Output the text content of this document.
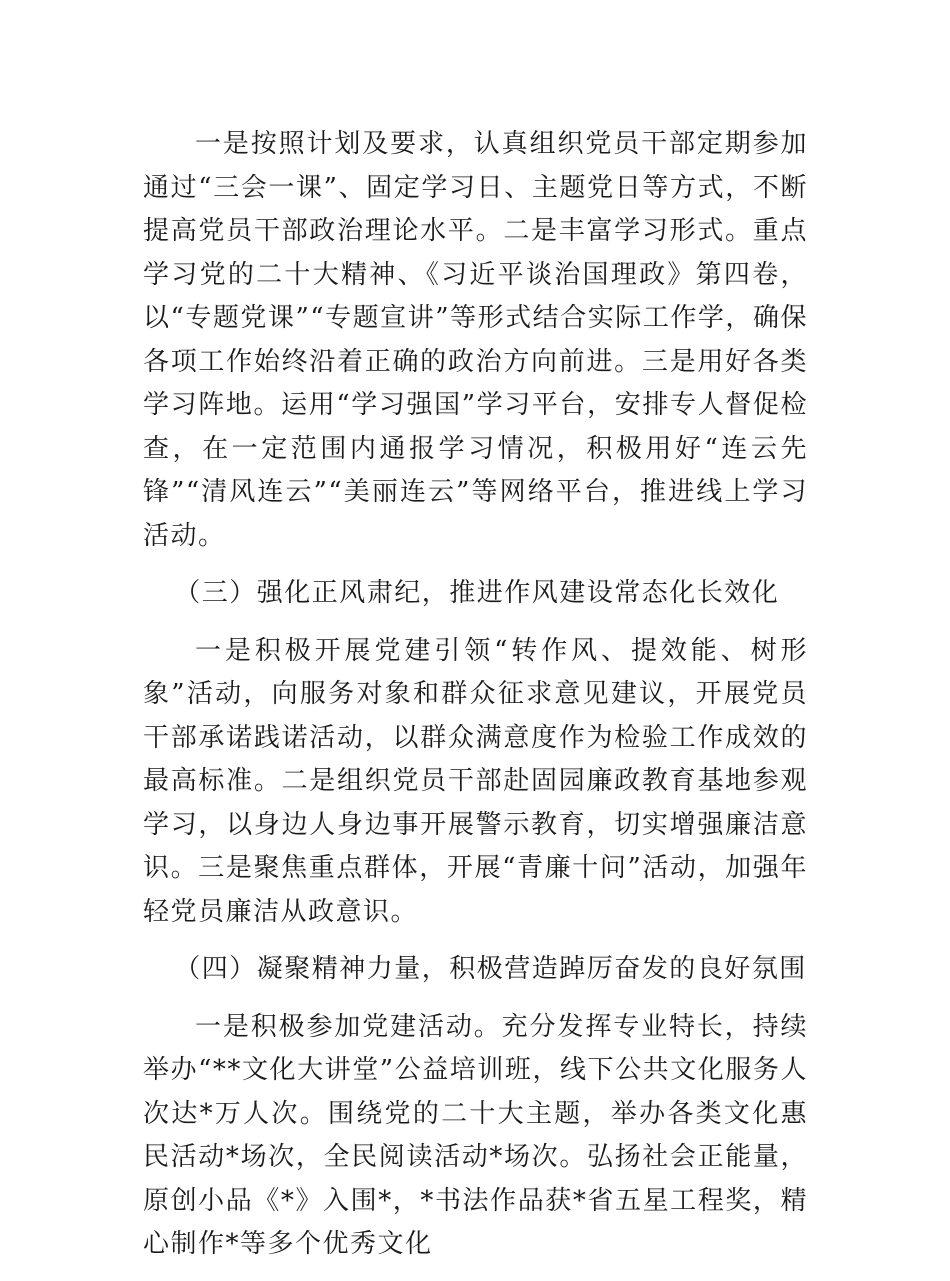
一是按照计划及要求，认真组织党员干部定期参加通过“三会一课”、固定学习日、主题党日等方式，不断提高党员干部政治理论水平。二是丰富学习形式。重点学习党的二十大精神、《习近平谈治国理政》第四卷，以“专题党课”“专题宣讲”等形式结合实际工作学，确保各项工作始终沿着正确的政治方向前进。三是用好各类学习阵地。运用“学习强国”学习平台，安排专人督促检查，在一定范围内通报学习情况，积极用好“连云先锋”“清风连云”“美丽连云”等网络平台，推进线上学习活动。

（三）强化正风肃纪，推进作风建设常态化长效化

一是积极开展党建引领“转作风、提效能、树形象”活动，向服务对象和群众征求意见建议，开展党员干部承诺践诺活动，以群众满意度作为检验工作成效的最高标准。二是组织党员干部赴固园廉政教育基地参观学习，以身边人身边事开展警示教育，切实增强廉洁意识。三是聚焦重点群体，开展“青廉十问”活动，加强年轻党员廉洁从政意识。

（四）凝聚精神力量，积极营造踔厉奋发的良好氛围

一是积极参加党建活动。充分发挥专业特长，持续举办“**文化大讲堂”公益培训班，线下公共文化服务人次达*万人次。围绕党的二十大主题，举办各类文化惠民活动*场次，全民阅读活动*场次。弘扬社会正能量，原创小品《*》入围*，*书法作品获*省五星工程奖，精心制作*等多个优秀文化
